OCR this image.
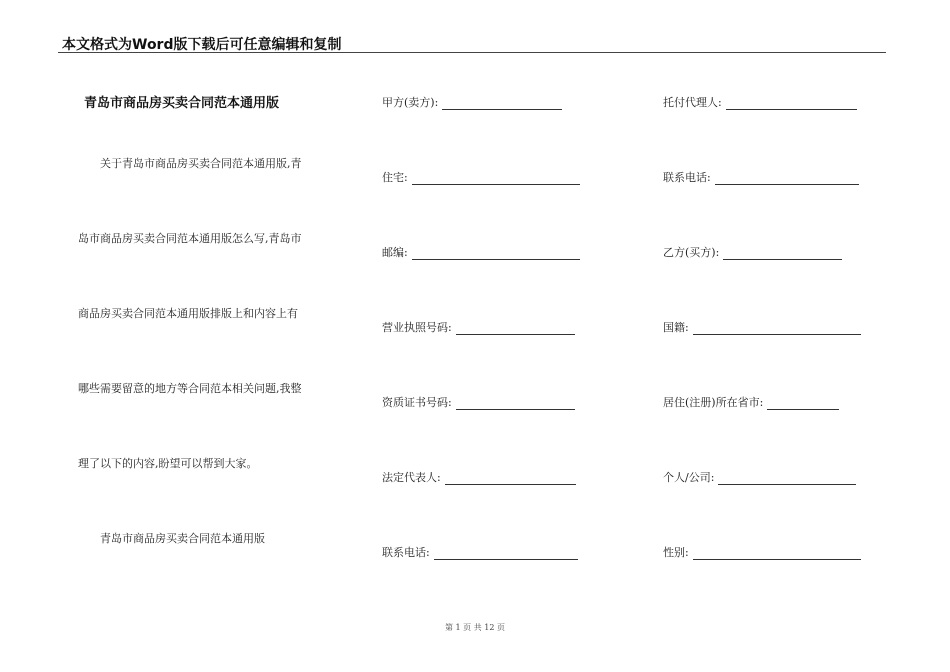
本文格式为Word版下载后可任意编辑和复制
青岛市商品房买卖合同范本通用版
关于青岛市商品房买卖合同范本通用版,青
岛市商品房买卖合同范本通用版怎么写,青岛市
商品房买卖合同范本通用版排版上和内容上有
哪些需要留意的地方等合同范本相关问题,我整
理了以下的内容,盼望可以帮到大家。
青岛市商品房买卖合同范本通用版
甲方(卖方):
住宅:
邮编:
营业执照号码:
资质证书号码:
法定代表人:
联系电话:
托付代理人:
联系电话:
乙方(买方):
国籍:
居住(注册)所在省市:
个人/公司:
性别:
第 1 页 共 12 页
